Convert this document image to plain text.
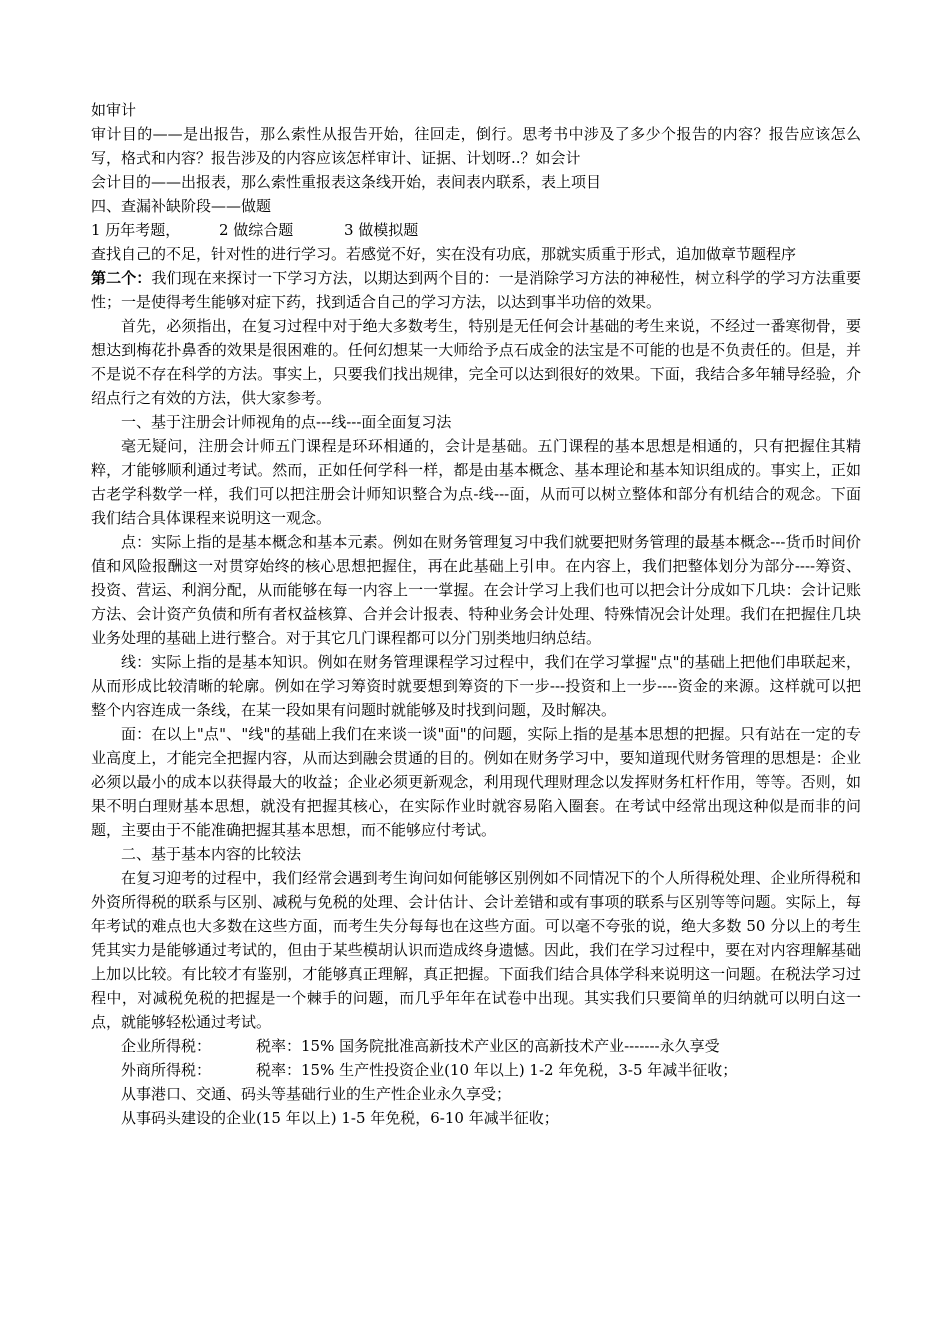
如审计

审计目的——是出报告，那么索性从报告开始，往回走，倒行。思考书中涉及了多少个报告的内容？报告应该怎么写，格式和内容？报告涉及的内容应该怎样审计、证据、计划呀..？如会计

会计目的——出报表，那么索性重报表这条线开始，表间表内联系，表上项目

四、查漏补缺阶段——做题

1 历年考题，	2 做综合题	3 做模拟题

查找自己的不足，针对性的进行学习。若感觉不好，实在没有功底，那就实质重于形式，追加做章节题程序

第二个：我们现在来探讨一下学习方法，以期达到两个目的：一是消除学习方法的神秘性，树立科学的学习方法重要性；一是使得考生能够对症下药，找到适合自己的学习方法，以达到事半功倍的效果。

首先，必须指出，在复习过程中对于绝大多数考生，特别是无任何会计基础的考生来说，不经过一番寒彻骨，要想达到梅花扑鼻香的效果是很困难的。任何幻想某一大师给予点石成金的法宝是不可能的也是不负责任的。但是，并不是说不存在科学的方法。事实上，只要我们找出规律，完全可以达到很好的效果。下面，我结合多年辅导经验，介绍点行之有效的方法，供大家参考。

一、基于注册会计师视角的点---线---面全面复习法

毫无疑问，注册会计师五门课程是环环相通的，会计是基础。五门课程的基本思想是相通的，只有把握住其精粹，才能够顺利通过考试。然而，正如任何学科一样，都是由基本概念、基本理论和基本知识组成的。事实上，正如古老学科数学一样，我们可以把注册会计师知识整合为点-线---面，从而可以树立整体和部分有机结合的观念。下面我们结合具体课程来说明这一观念。

点：实际上指的是基本概念和基本元素。例如在财务管理复习中我们就要把财务管理的最基本概念---货币时间价值和风险报酬这一对贯穿始终的核心思想把握住，再在此基础上引申。在内容上，我们把整体划分为部分----筹资、投资、营运、利润分配，从而能够在每一内容上一一掌握。在会计学习上我们也可以把会计分成如下几块：会计记账方法、会计资产负债和所有者权益核算、合并会计报表、特种业务会计处理、特殊情况会计处理。我们在把握住几块业务处理的基础上进行整合。对于其它几门课程都可以分门别类地归纳总结。

线：实际上指的是基本知识。例如在财务管理课程学习过程中，我们在学习掌握"点"的基础上把他们串联起来，从而形成比较清晰的轮廓。例如在学习筹资时就要想到筹资的下一步---投资和上一步----资金的来源。这样就可以把整个内容连成一条线，在某一段如果有问题时就能够及时找到问题，及时解决。

面：在以上"点"、"线"的基础上我们在来谈一谈"面"的问题，实际上指的是基本思想的把握。只有站在一定的专业高度上，才能完全把握内容，从而达到融会贯通的目的。例如在财务学习中，要知道现代财务管理的思想是：企业必须以最小的成本以获得最大的收益；企业必须更新观念，利用现代理财理念以发挥财务杠杆作用，等等。否则，如果不明白理财基本思想，就没有把握其核心，在实际作业时就容易陷入圈套。在考试中经常出现这种似是而非的问题，主要由于不能准确把握其基本思想，而不能够应付考试。

二、基于基本内容的比较法

在复习迎考的过程中，我们经常会遇到考生询问如何能够区别例如不同情况下的个人所得税处理、企业所得税和外资所得税的联系与区别、减税与免税的处理、会计估计、会计差错和或有事项的联系与区别等等问题。实际上，每年考试的难点也大多数在这些方面，而考生失分每每也在这些方面。可以毫不夸张的说，绝大多数 50 分以上的考生凭其实力是能够通过考试的，但由于某些模胡认识而造成终身遗憾。因此，我们在学习过程中，要在对内容理解基础上加以比较。有比较才有鉴别，才能够真正理解，真正把握。下面我们结合具体学科来说明这一问题。在税法学习过程中，对减税免税的把握是一个棘手的问题，而几乎年年在试卷中出现。其实我们只要简单的归纳就可以明白这一点，就能够轻松通过考试。

企业所得税：	税率：15% 国务院批准高新技术产业区的高新技术产业-------永久享受
外商所得税：	税率：15% 生产性投资企业(10 年以上) 1-2 年免税，3-5 年减半征收；

从事港口、交通、码头等基础行业的生产性企业永久享受；

从事码头建设的企业(15 年以上) 1-5 年免税，6-10 年减半征收；
